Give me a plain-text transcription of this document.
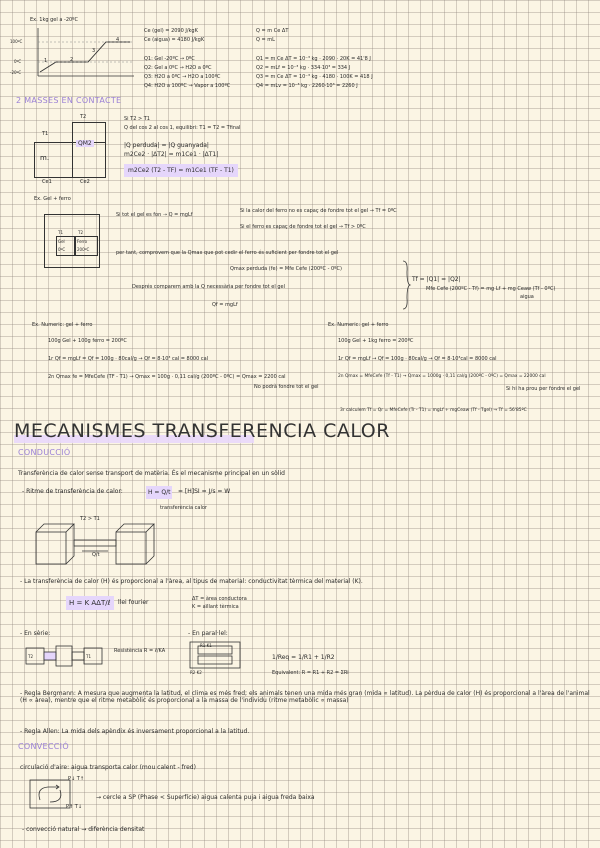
Ex. 1kg gel a -20ºC
100ºC
0ºC
-20ºC
1	2
3
4
Ce (gel) = 2090 J/kgK
Ce (aigua) = 4180 J/kgK
Q1: Gel -20ºC → 0ºC
Q2: Gel a 0ºC → H2O a 0ºC
Q3: H2O a 0ºC → H2O a 100ºC
Q4: H2O a 100ºC → Vapor a 100ºC
Q = m Ce ΔT
Q = mL
Q1 = m Ce ΔT = 10⁻³ kg · 2090 · 20K = 41'8 J
Q2 = mLf = 10⁻³ kg · 334·10³ = 334 J
Q3 = m Ce ΔT = 10⁻³ kg · 4180 · 100K = 418 J
Q4 = mLv = 10⁻³ kg · 2260·10³ = 2260 J
2 MASSES EN CONTACTE
m.
QM2
T1
T2
Ce1	Ce2
Si T2 > T1
Q del cos 2 al cos 1, equilibri: T1 = T2 = Tfinal
|Q perduda| = |Q guanyada|
m2Ce2 · |ΔT2| = m1Ce1 · |ΔT1|
m2Ce2 (T2 - TF) = m1Ce1 (TF - T1)
Ex. Gel + ferro
Gel
0ºC
Ferro
200ºC
T1	T2
Si tot el gel es fon ➝ Q = mgLf
Si la calor del ferro no es capaç de fondre tot el gel → Tf = 0ºC
Si el ferro es capaç de fondre tot el gel → Tf > 0ºC
per tant, comprovem que la Qmax que pot cedir el ferro és suficient per fondre tot el gel
Qmax perduda (fe) = Mfe Cefe (200ºC - 0ºC)
Després comparem amb la Q necessària per fondre tot el gel
Qf = mgLf
Tf = |Q1| = |Q2|
Mfe Cefe (200ºC - Tf) = mg Lf + mg Ceaw (Tf - 0ºC)
aigua
Ex. Numeric: gel + ferro
100g Gel + 100g ferro = 200ºC
1r Qf = mgLf = Qf = 100g · 80cal/g → Qf = 8·10³ cal = 8000 cal
2n Qmax fe = MfeCefe (TF - T1) → Qmax = 100g · 0,11 cal/g (200ºC - 0ºC) = Qmax = 2200 cal
No podrà fondre tot el gel
Ex. Numeric: gel + ferro
100g Gel + 1kg ferro = 200ºC
1r Qf = mgLf → Qf = 100g · 80cal/g → Qf = 8·10³cal = 8000 cal
2n Qmax = MfeCefe (Tf - T1) → Qmax = 1000g · 0,11 cal/g (200ºC - 0ºC) = Qmax = 22000 cal
Si hi ha prou per fondre el gel
3r calculem Tf = Qr = MfeCefe (Tr - T1) = mgLf + mgCeaw (Tf - Tgel) → Tf = 56'85ºC
MECANISMES TRANSFERENCIA CALOR
CONDUCCIÓ
Transferència de calor sense transport de matèria. És el mecanisme principal en un sòlid
- Ritme de transferència de calor:	H = Q/t	= [H]SI = J/s = W
transferència calor
T2 > T1
Q/t
- La transferència de calor (H) és proporcional a l'àrea, al tipus de material: conductivitat tèrmica del material (K).
H = K AΔT/ℓ	llei fourier	ΔT = àrea conductora
K = aïllant tèrmica
- En sèrie:
T2	T1
Resistència R = ℓ/KA
- En paral·lel:
R1 K1
R2 K2
1/Req = 1/R1 + 1/R2
Equivalent: R = R1 + R2 = ΣRi
- Regla Bergmann: A mesura que augmenta la latitud, el clima es més fred; els animals tenen una mida més gran (mida ∝ latitud). La pèrdua de calor (H) és proporcional a l'àrea de l'animal (H ∝ àrea), mentre que el ritme metabòlic és proporcional a la massa de l'individu (ritme metabòlic ∝ massa)
- Regla Allen: La mida dels apèndix és inversament proporcional a la latitud.
CONVECCIÓ
circulació d'aire: aigua transporta calor (mou calent - fred)
P↓ T↑
P↑ T↓
→ cercle a SP (Phase < Superfície) aigua calenta puja i aigua freda baixa
- convecció natural → diferència densitat
